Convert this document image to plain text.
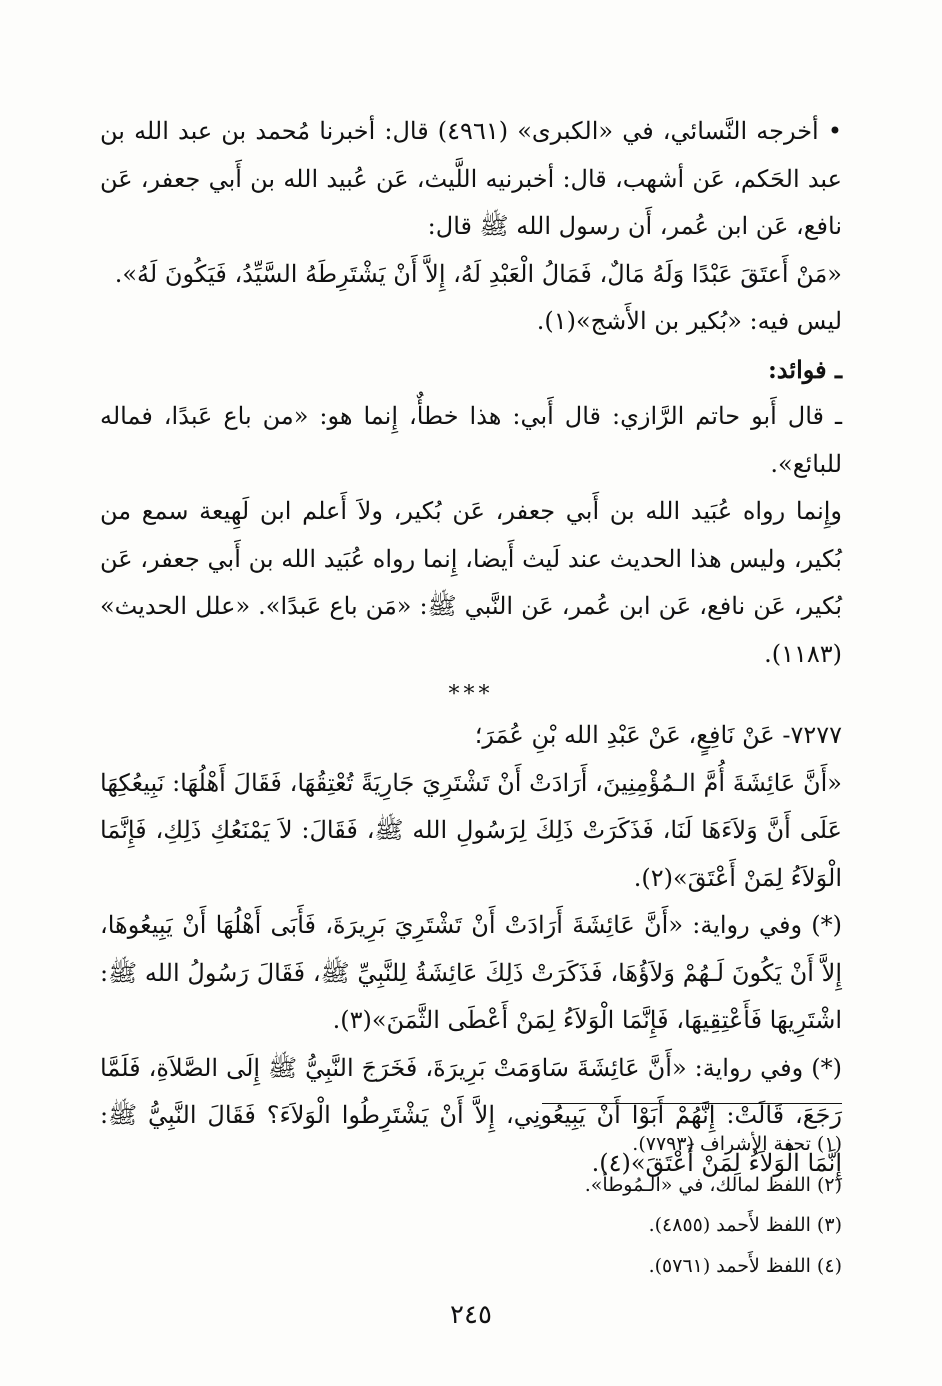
• أخرجه النَّسائي، في «الكبرى» (٤٩٦١) قال: أخبرنا مُحمد بن عبد الله بن عبد الحَكم، عَن أشهب، قال: أخبرنيه اللَّيث، عَن عُبيد الله بن أَبي جعفر، عَن نافع، عَن ابن عُمر، أَن رسول الله ﷺ قال:

«مَنْ أَعتَقَ عَبْدًا وَلَهُ مَالٌ، فَمَالُ الْعَبْدِ لَهُ، إِلاَّ أَنْ يَشْتَرِطَهُ السَّيِّدُ، فَيَكُونَ لَهُ».

ليس فيه: «بُكير بن الأَشج»(١).

ـ فوائد:

ـ قال أَبو حاتم الرَّازي: قال أَبي: هذا خطأٌ، إِنما هو: «من باع عَبدًا، فماله للبائع».

وإِنما رواه عُبَيد الله بن أَبي جعفر، عَن بُكير، ولاَ أَعلم ابن لَهِيعة سمع من بُكير، وليس هذا الحديث عند لَيث أَيضا، إِنما رواه عُبَيد الله بن أَبي جعفر، عَن بُكير، عَن نافع، عَن ابن عُمر، عَن النَّبي ﷺ: «مَن باع عَبدًا». «علل الحديث» (١١٨٣).

***

٧٢٧٧- عَنْ نَافِعٍ، عَنْ عَبْدِ الله بْنِ عُمَرَ؛

«أَنَّ عَائِشَةَ أُمَّ الـمُؤْمِنِينَ، أَرَادَتْ أَنْ تَشْتَرِيَ جَارِيَةً تُعْتِقُهَا، فَقَالَ أَهْلُهَا: نَبِيعُكِهَا عَلَى أَنَّ وَلاَءَهَا لَنَا، فَذَكَرَتْ ذَلِكَ لِرَسُولِ الله ﷺ، فَقَالَ: لاَ يَمْنَعُكِ ذَلِكِ، فَإِنَّمَا الْوَلاَءُ لِمَنْ أَعْتَقَ»(٢).

(*) وفي رواية: «أَنَّ عَائِشَةَ أَرَادَتْ أَنْ تَشْتَرِيَ بَرِيرَةَ، فَأَبَى أَهْلُهَا أَنْ يَبِيعُوهَا، إِلاَّ أَنْ يَكُونَ لَـهُمْ وَلاَؤُهَا، فَذَكَرَتْ ذَلِكَ عَائِشَةُ لِلنَّبِيِّ ﷺ، فَقَالَ رَسُولُ الله ﷺ: اشْتَرِيهَا فَأَعْتِقِيهَا، فَإِنَّمَا الْوَلاَءُ لِمَنْ أَعْطَى الثَّمَنَ»(٣).

(*) وفي رواية: «أَنَّ عَائِشَةَ سَاوَمَتْ بَرِيرَةَ، فَخَرَجَ النَّبِيُّ ﷺ إِلَى الصَّلاَةِ، فَلَمَّا رَجَعَ، قَالَتْ: إِنَّهُمْ أَبَوْا أَنْ يَبِيعُونِي، إِلاَّ أَنْ يَشْتَرِطُوا الْوَلاَءَ؟ فَقَالَ النَّبِيُّ ﷺ: إِنَّمَا الْوَلاَءُ لِمَنْ أَعْتَقَ»(٤).

(١) تحفة الأشراف (٧٧٩٣).

(٢) اللفظ لمالك، في «الـمُوطأ».

(٣) اللفظ لأَحمد (٤٨٥٥).

(٤) اللفظ لأَحمد (٥٧٦١).

٢٤٥
